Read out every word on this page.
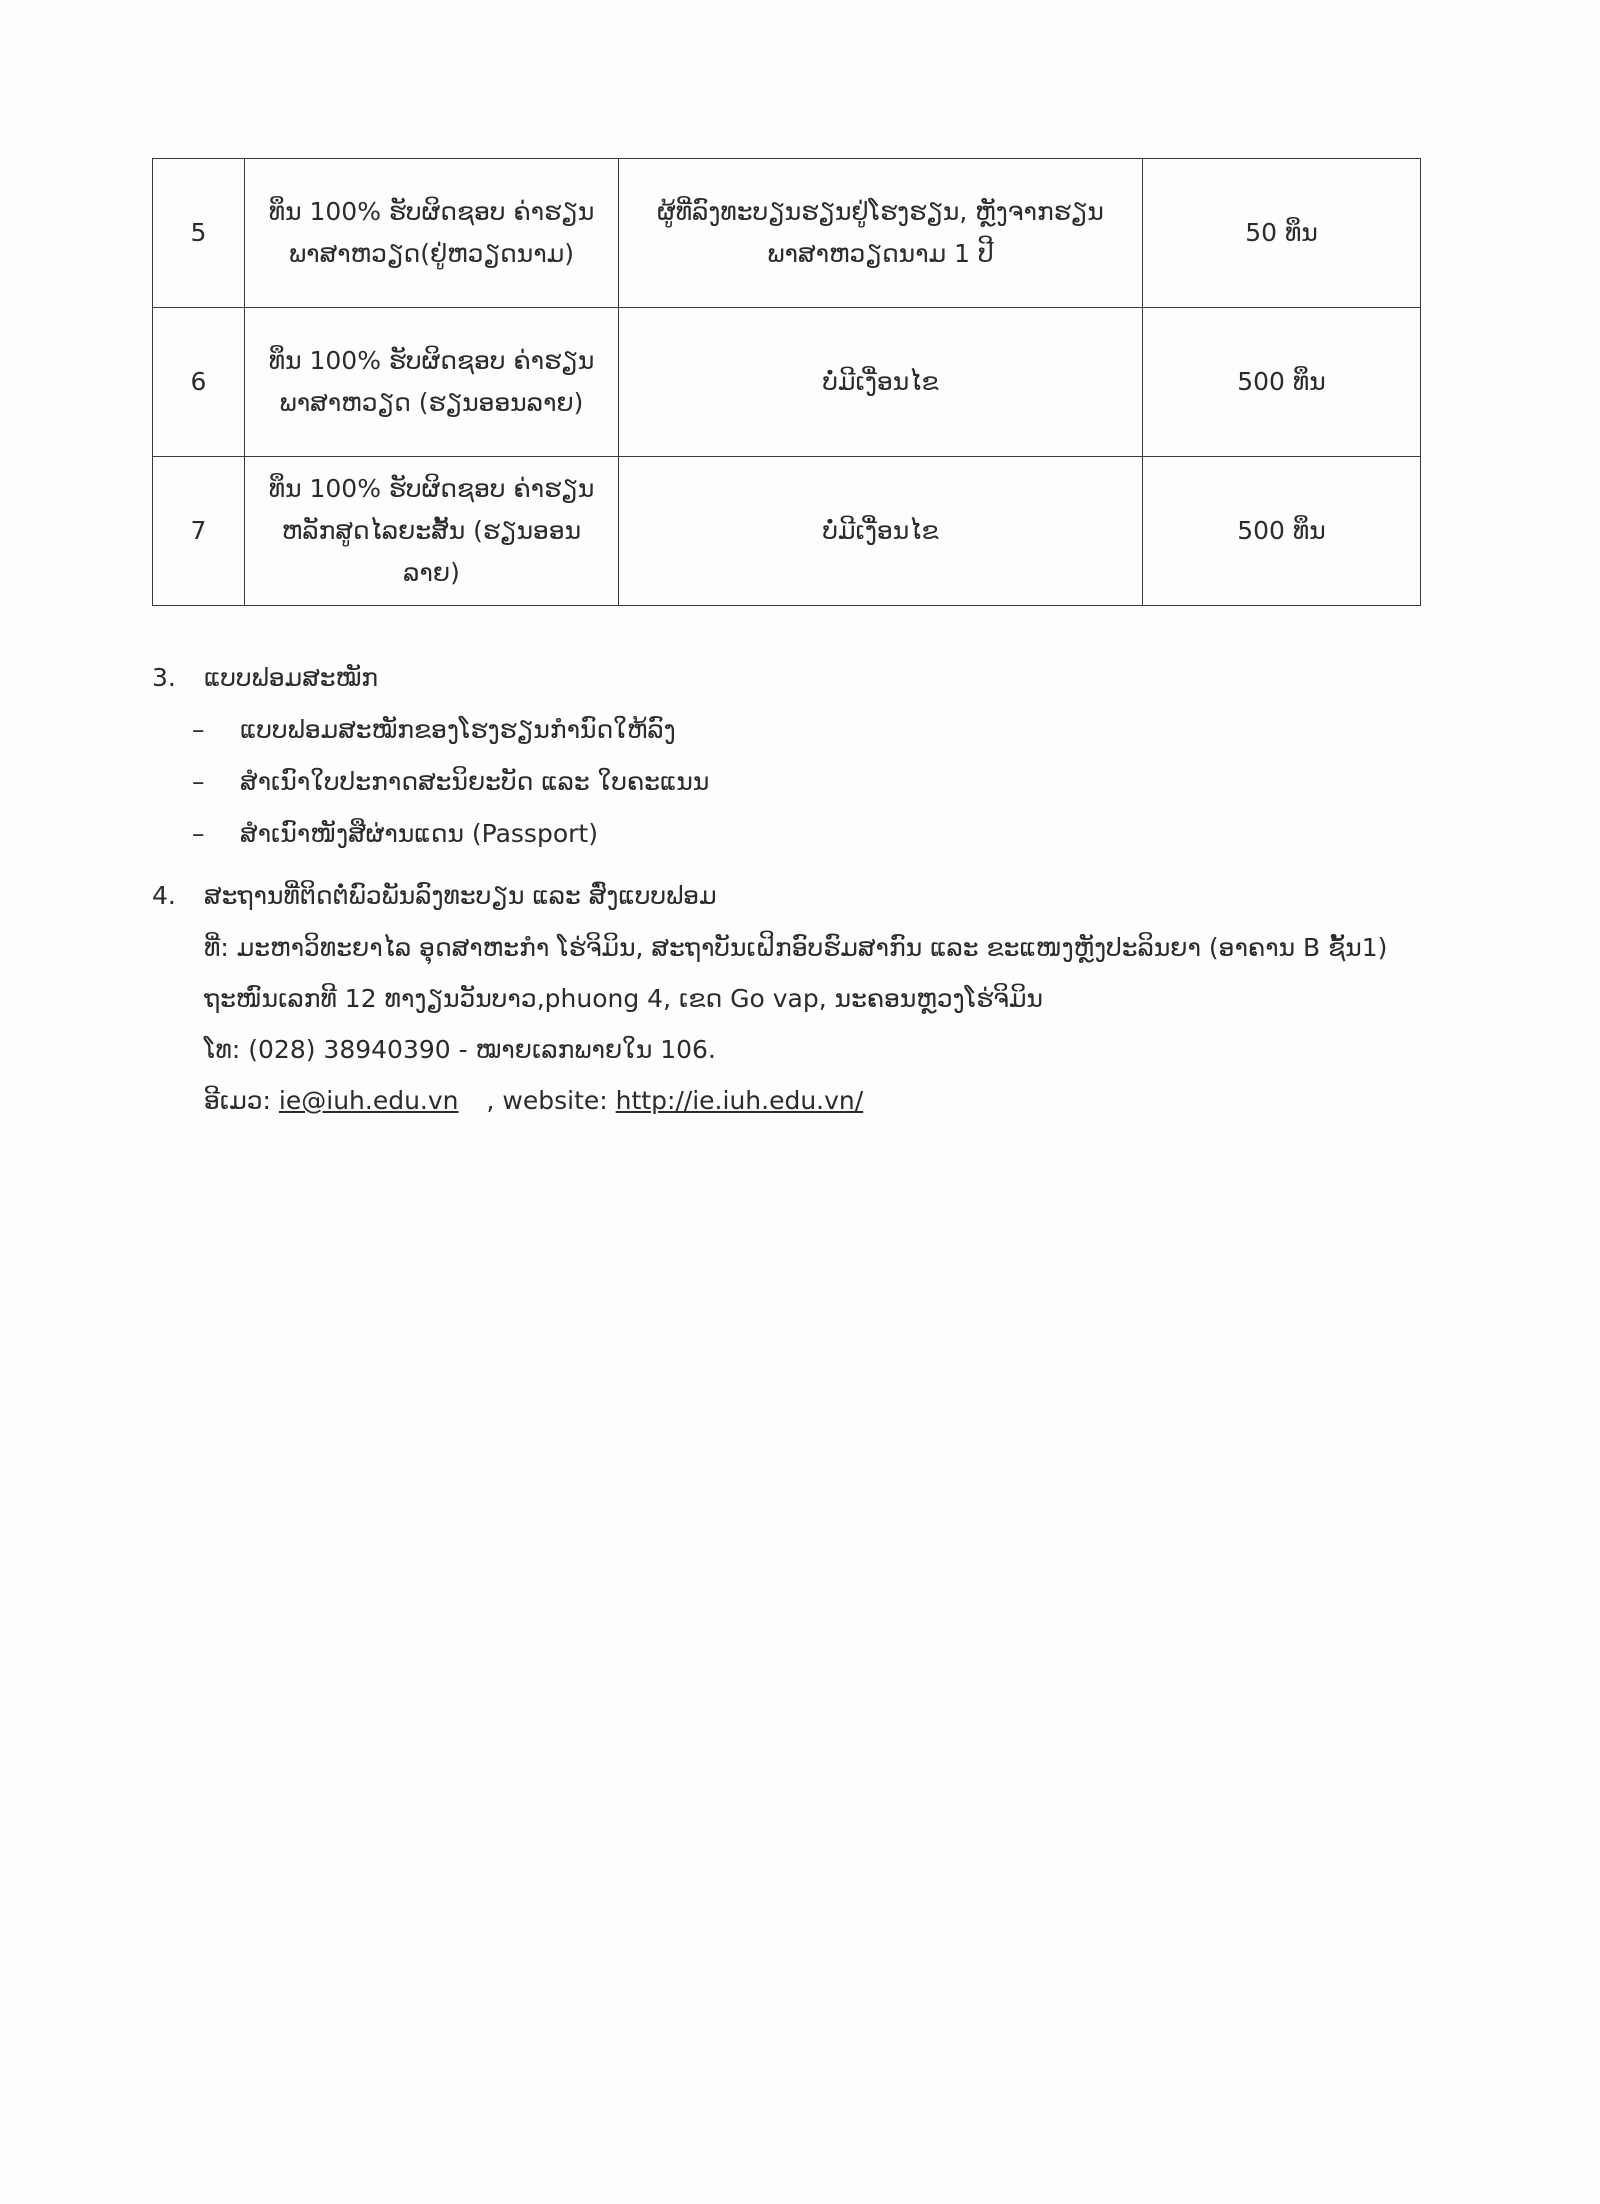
5	ທຶນ 100% ຮັບຜິດຊອບ ຄ່າຮຽນພາສາຫວຽດ(ຢູ່ຫວຽດນາມ)	ຜູ້ທີ່ລົງທະບຽນຮຽນຢູ່ໂຮງຮຽນ, ຫຼັງຈາກຮຽນພາສາຫວຽດນາມ 1 ປີ	50 ທຶນ
6	ທຶນ 100% ຮັບຜິດຊອບ ຄ່າຮຽນພາສາຫວຽດ (ຮຽນອອນລາຍ)	ບໍ່ມີເງື່ອນໄຂ	500 ທຶນ
7	ທຶນ 100% ຮັບຜິດຊອບ ຄ່າຮຽນຫລັກສູດໄລຍະສັ້ນ (ຮຽນອອນລາຍ)	ບໍ່ມີເງື່ອນໄຂ	500 ທຶນ
3.	ແບບຟອມສະໝັກ
–	ແບບຟອມສະໝັກຂອງໂຮງຮຽນກໍານົດໃຫ້ລົງ
–	ສໍາເນົາໃບປະກາດສະນິຍະບັດ ແລະ ໃບຄະແນນ
–	ສໍາເນົາໜັງສືຜ່ານແດນ (Passport)
4.	ສະຖານທີ່ຕິດຕໍ່ພົວພັນລົງທະບຽນ ແລະ ສົ່ງແບບຟອມ
ທີ່: ມະຫາວິທະຍາໄລ ອຸດສາຫະກໍາ ໂຮ່ຈິມິນ, ສະຖາບັນເຝິກອົບຮົມສາກົນ ແລະ ຂະແໜງຫຼັງປະລິນຍາ (ອາຄານ B ຊັ້ນ1) ຖະໜົນເລກທີ 12 ທາງຽນວັນບາວ,phuong 4, ເຂດ Go vap, ນະຄອນຫຼວງໂຮ່ຈິມິນ
ໂທ: (028) 38940390 - ໝາຍເລກພາຍໃນ 106.
ອີເມວ: ie@iuh.edu.vn , website: http://ie.iuh.edu.vn/
